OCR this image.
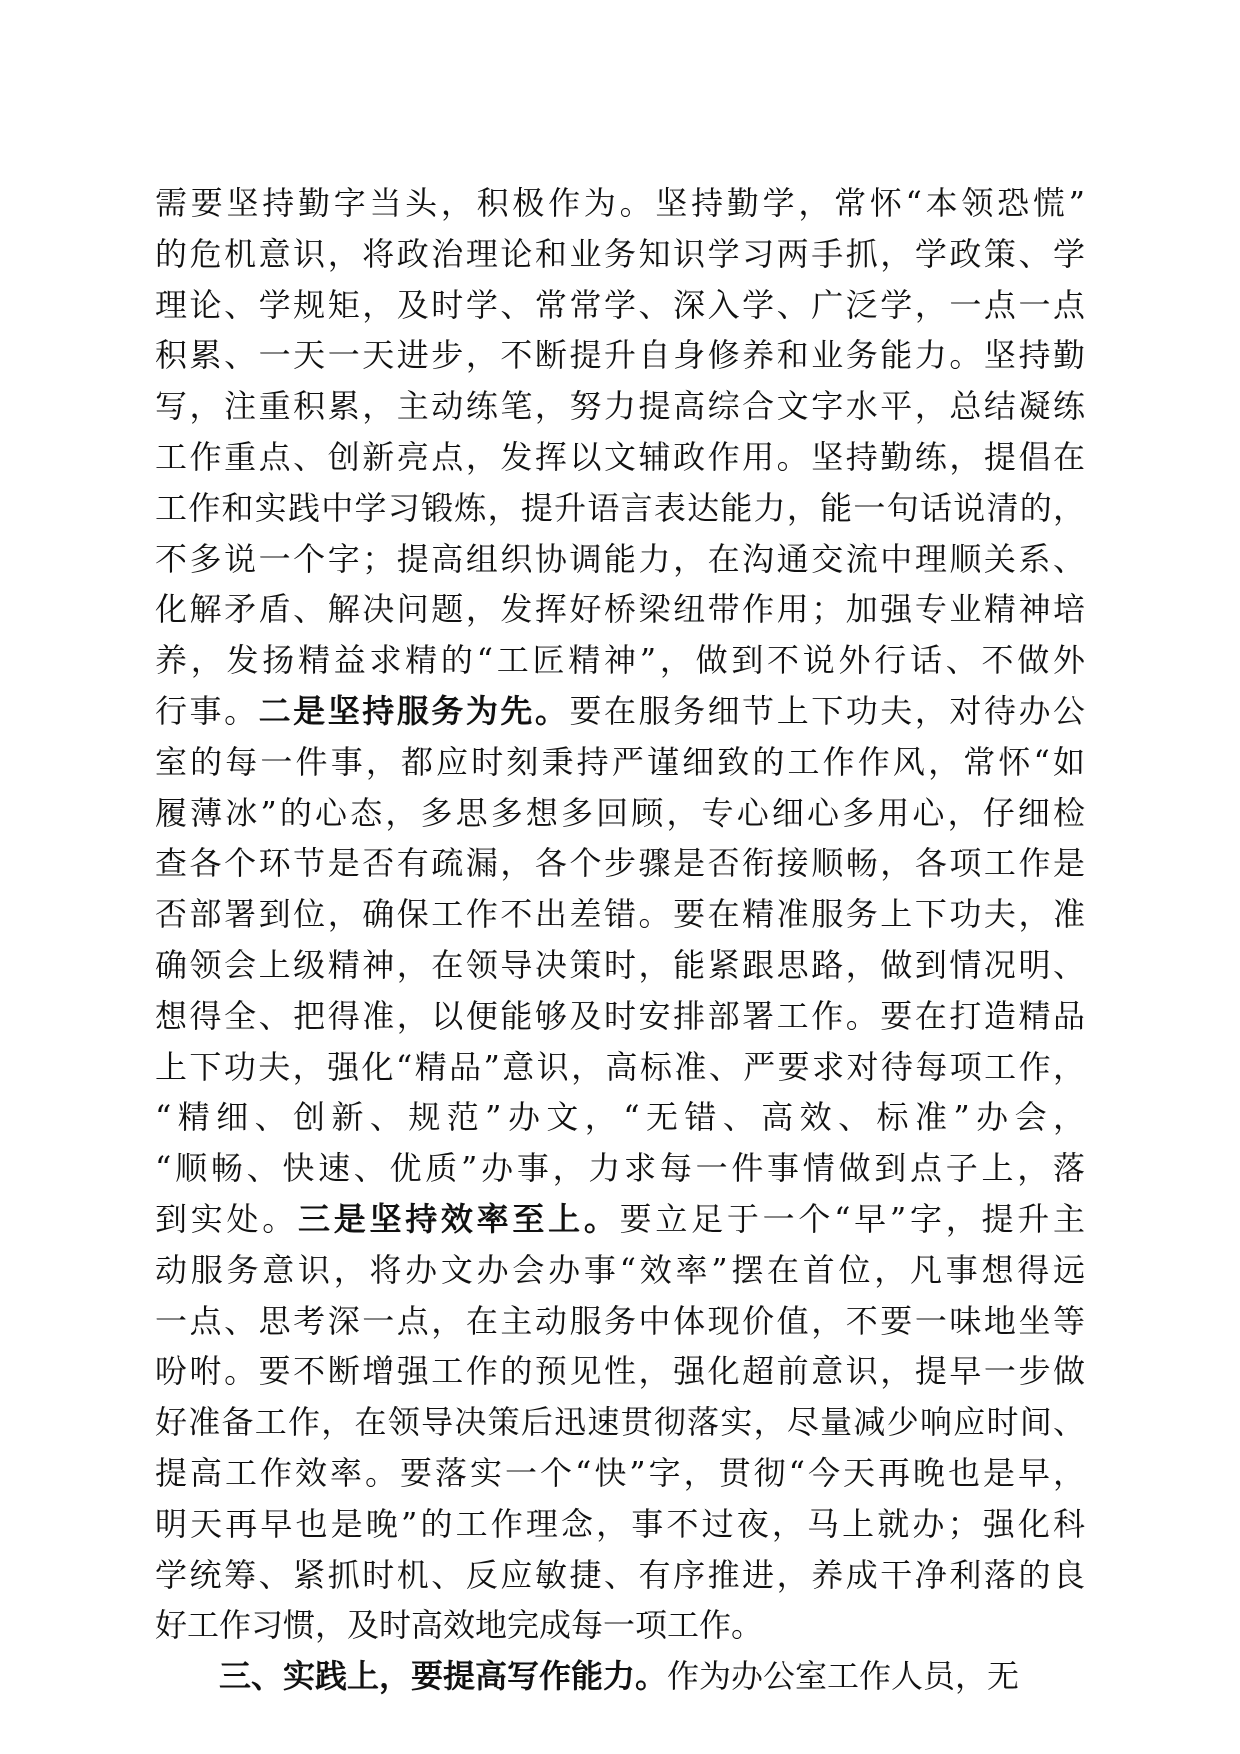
需要坚持勤字当头，积极作为。坚持勤学，常怀“本领恐慌”
的危机意识，将政治理论和业务知识学习两手抓，学政策、学
理论、学规矩，及时学、常常学、深入学、广泛学，一点一点
积累、一天一天进步，不断提升自身修养和业务能力。坚持勤
写，注重积累，主动练笔，努力提高综合文字水平，总结凝练
工作重点、创新亮点，发挥以文辅政作用。坚持勤练，提倡在
工作和实践中学习锻炼，提升语言表达能力，能一句话说清的，
不多说一个字；提高组织协调能力，在沟通交流中理顺关系、
化解矛盾、解决问题，发挥好桥梁纽带作用；加强专业精神培
养，发扬精益求精的“工匠精神”，做到不说外行话、不做外
行事。二是坚持服务为先。要在服务细节上下功夫，对待办公
室的每一件事，都应时刻秉持严谨细致的工作作风，常怀“如
履薄冰”的心态，多思多想多回顾，专心细心多用心，仔细检
查各个环节是否有疏漏，各个步骤是否衔接顺畅，各项工作是
否部署到位，确保工作不出差错。要在精准服务上下功夫，准
确领会上级精神，在领导决策时，能紧跟思路，做到情况明、
想得全、把得准，以便能够及时安排部署工作。要在打造精品
上下功夫，强化“精品”意识，高标准、严要求对待每项工作，
“精细、创新、规范”办文，“无错、高效、标准”办会，
“顺畅、快速、优质”办事，力求每一件事情做到点子上，落
到实处。三是坚持效率至上。要立足于一个“早”字，提升主
动服务意识，将办文办会办事“效率”摆在首位，凡事想得远
一点、思考深一点，在主动服务中体现价值，不要一味地坐等
吩咐。要不断增强工作的预见性，强化超前意识，提早一步做
好准备工作，在领导决策后迅速贯彻落实，尽量减少响应时间、
提高工作效率。要落实一个“快”字，贯彻“今天再晚也是早，
明天再早也是晚”的工作理念，事不过夜，马上就办；强化科
学统筹、紧抓时机、反应敏捷、有序推进，养成干净利落的良
好工作习惯，及时高效地完成每一项工作。
三、实践上，要提高写作能力。作为办公室工作人员，无
